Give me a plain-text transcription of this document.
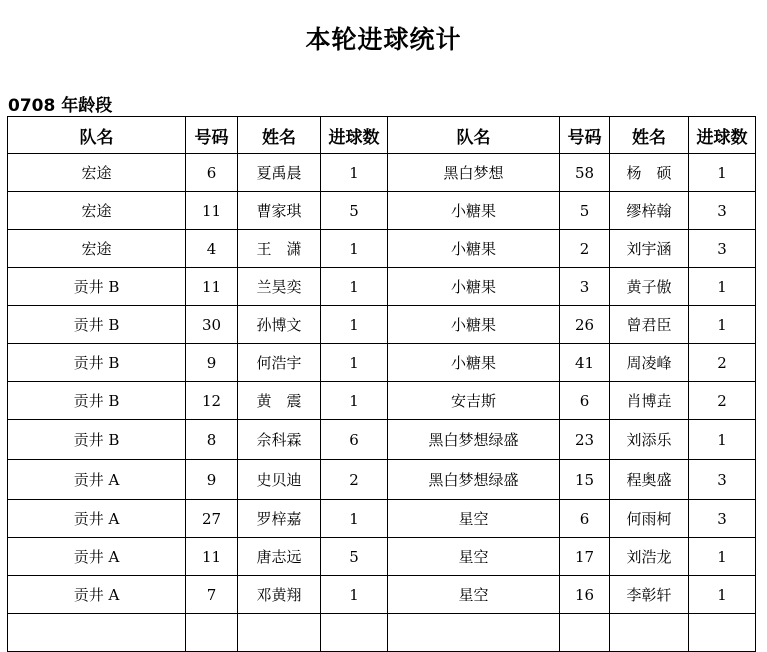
本轮进球统计
0708 年龄段
队名	号码	姓名	进球数	队名	号码	姓名	进球数
宏途	6	夏禹晨	1	黑白梦想	58	杨　硕	1
宏途	11	曹家琪	5	小糖果	5	缪梓翰	3
宏途	4	王　潇	1	小糖果	2	刘宇涵	3
贡井 B	11	兰昊奕	1	小糖果	3	黄子傲	1
贡井 B	30	孙博文	1	小糖果	26	曾君臣	1
贡井 B	9	何浩宇	1	小糖果	41	周凌峰	2
贡井 B	12	黄　震	1	安吉斯	6	肖博垚	2
贡井 B	8	佘科霖	6	黑白梦想绿盛	23	刘添乐	1
贡井 A	9	史贝迪	2	黑白梦想绿盛	15	程奥盛	3
贡井 A	27	罗梓嘉	1	星空	6	何雨柯	3
贡井 A	11	唐志远	5	星空	17	刘浩龙	1
贡井 A	7	邓黄翔	1	星空	16	李彰轩	1
